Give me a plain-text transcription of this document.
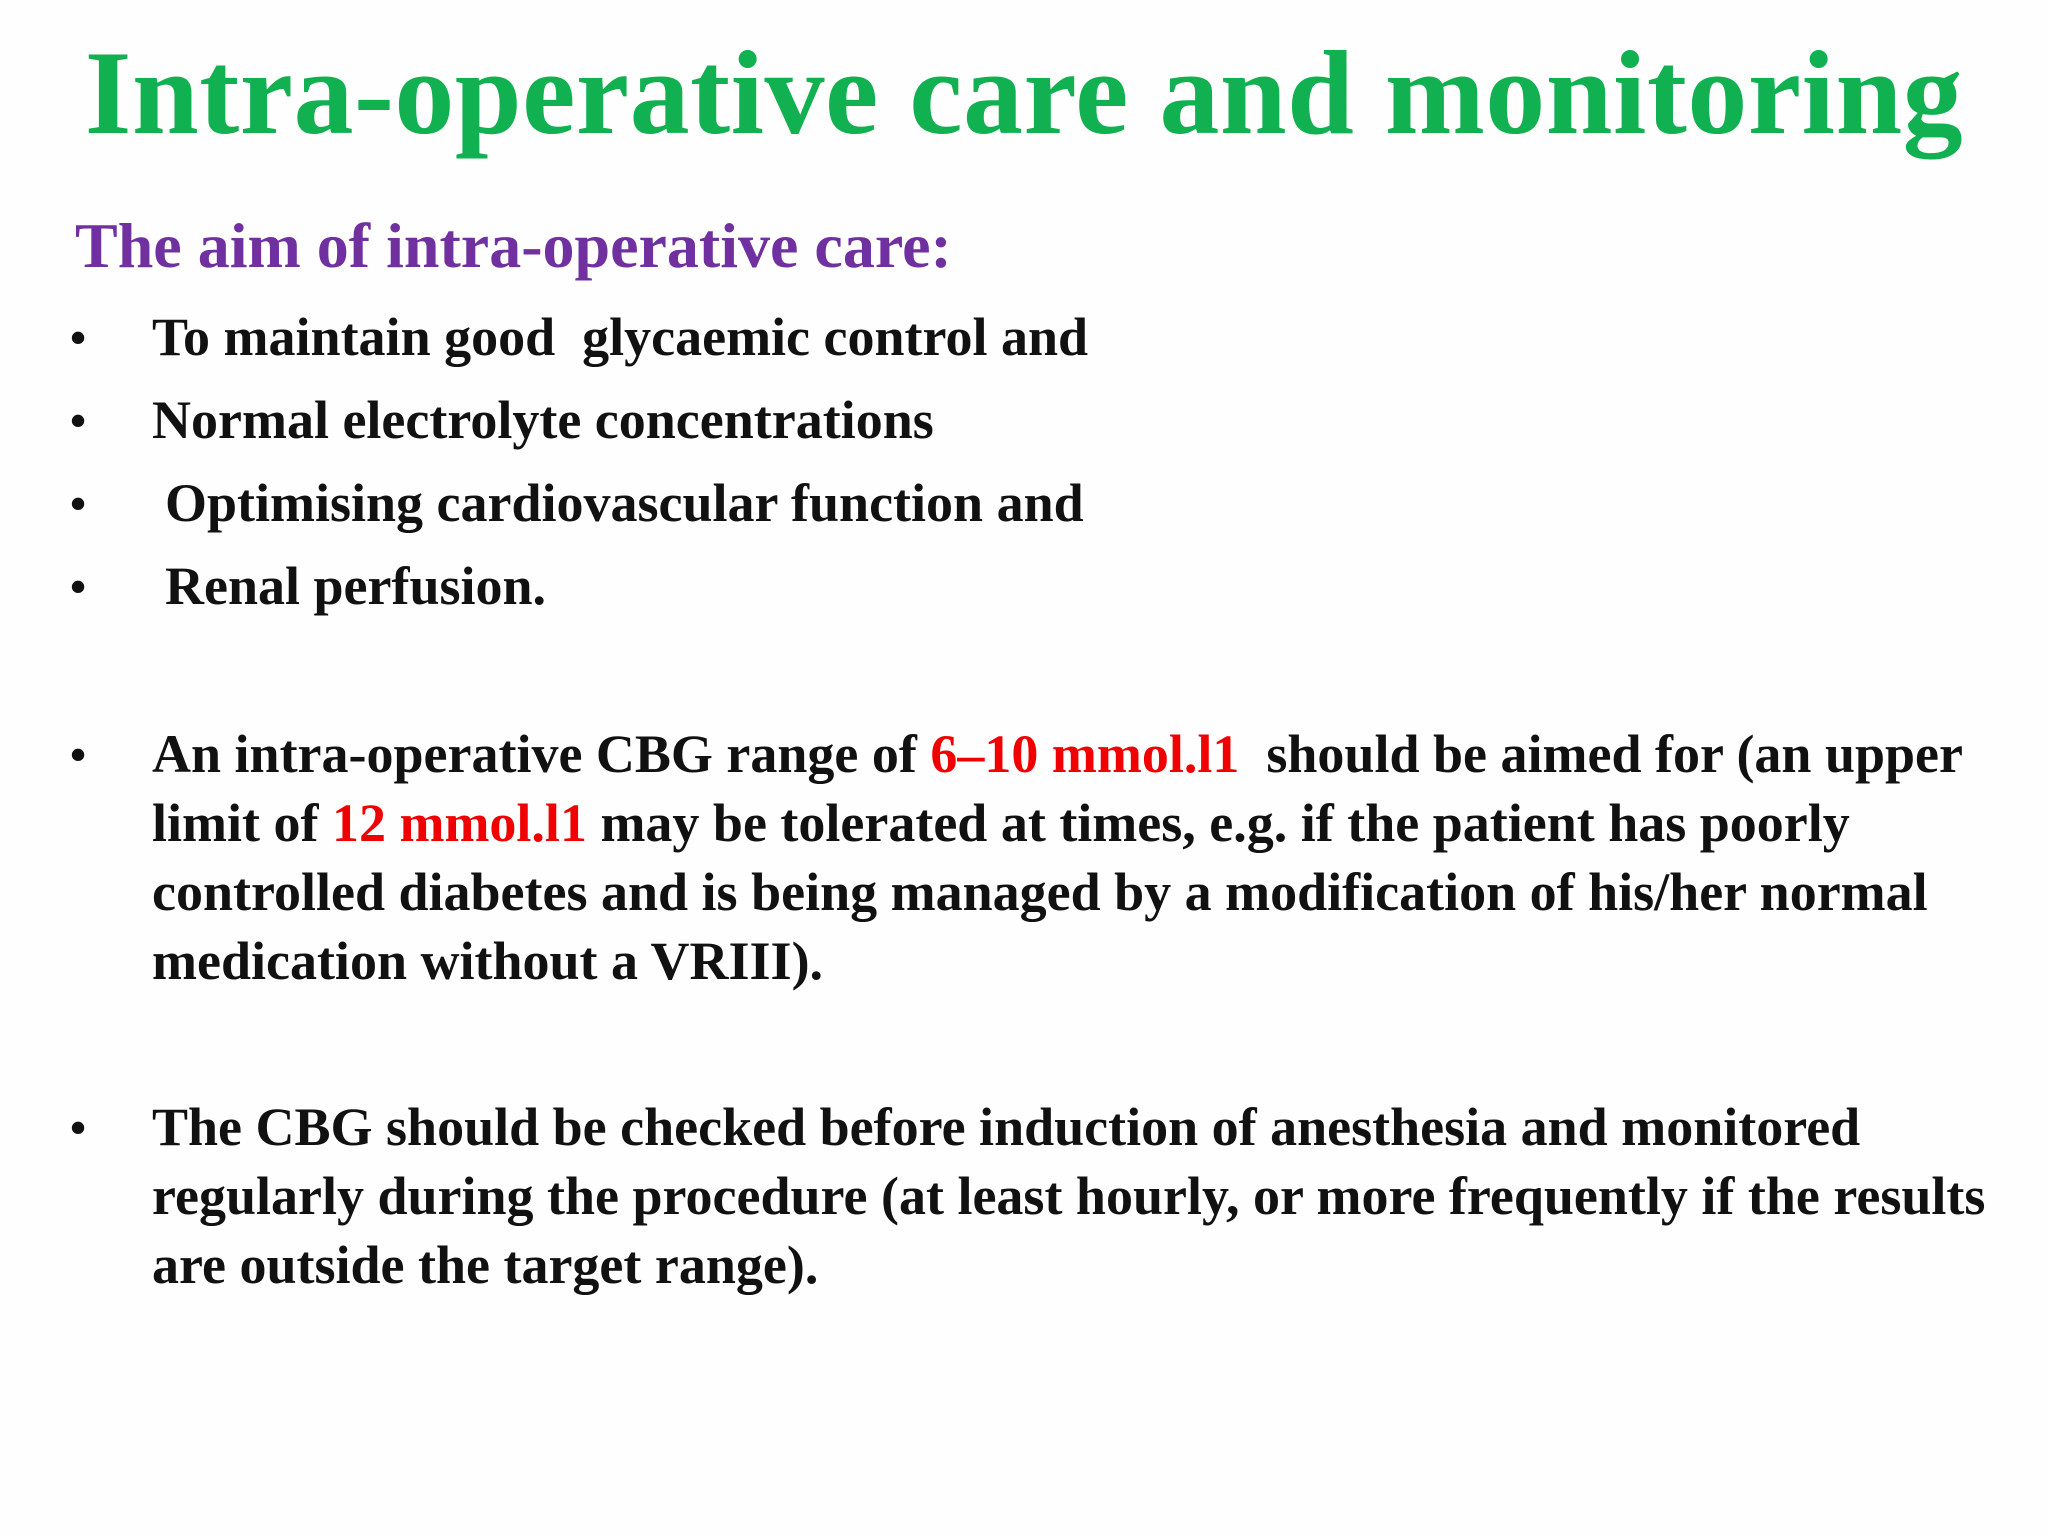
Intra-operative care and monitoring
The aim of intra-operative care:
•	To maintain good  glycaemic control and
•	Normal electrolyte concentrations
•	Optimising cardiovascular function and
•	Renal perfusion.
•	An intra-operative CBG range of 6–10 mmol.l1  should be aimed for (an upper limit of 12 mmol.l1 may be tolerated at times, e.g. if the patient has poorly controlled diabetes and is being managed by a modification of his/her normal medication without a VRIII).
•	The CBG should be checked before induction of anesthesia and monitored regularly during the procedure (at least hourly, or more frequently if the results are outside the target range).
